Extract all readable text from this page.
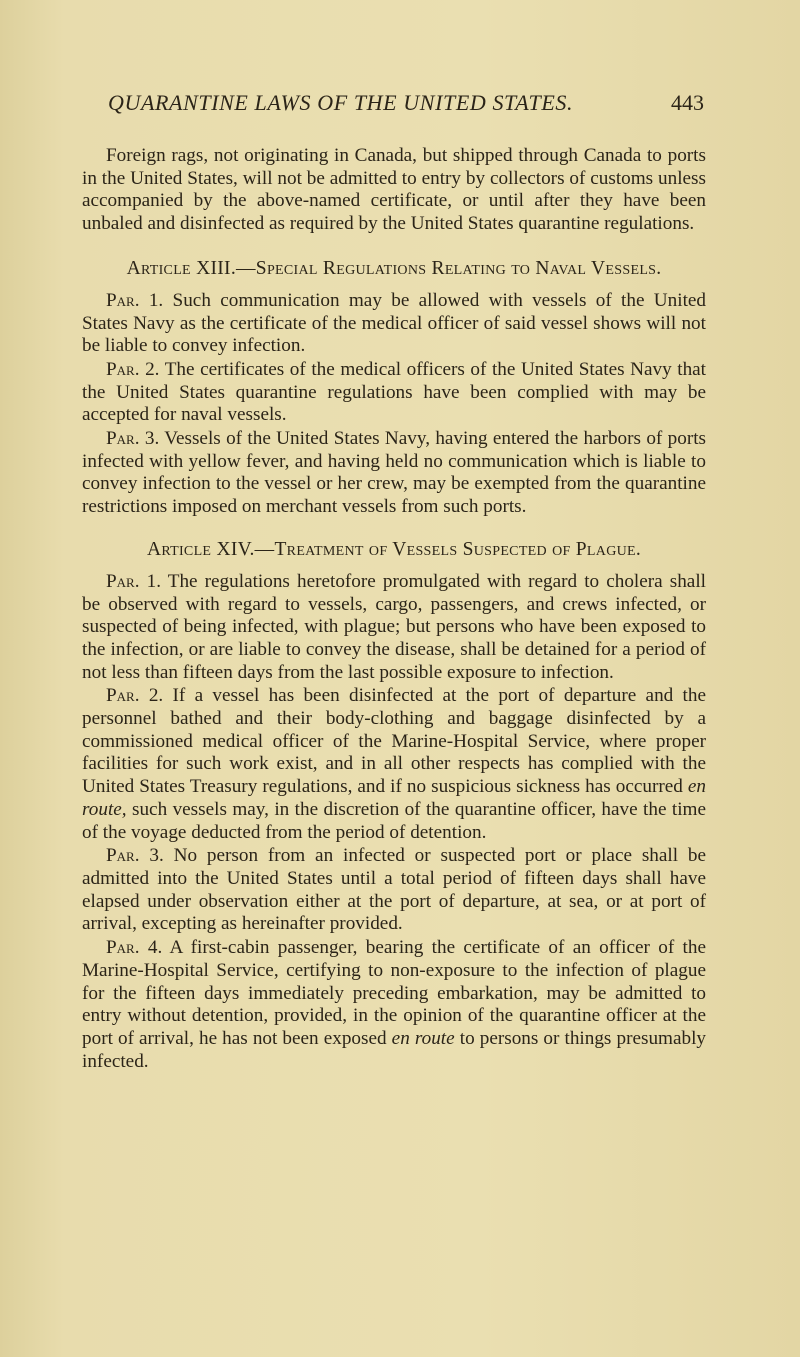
QUARANTINE LAWS OF THE UNITED STATES.	443

Foreign rags, not originating in Canada, but shipped through Canada to ports in the United States, will not be admitted to entry by collectors of customs unless accompanied by the above-named certificate, or until after they have been unbaled and disinfected as required by the United States quarantine regulations.

Article XIII.—Special Regulations Relating to Naval Vessels.

Par. 1. Such communication may be allowed with vessels of the United States Navy as the certificate of the medical officer of said vessel shows will not be liable to convey infection.

Par. 2. The certificates of the medical officers of the United States Navy that the United States quarantine regulations have been complied with may be accepted for naval vessels.

Par. 3. Vessels of the United States Navy, having entered the harbors of ports infected with yellow fever, and having held no communication which is liable to convey infection to the vessel or her crew, may be exempted from the quarantine restrictions imposed on merchant vessels from such ports.

Article XIV.—Treatment of Vessels Suspected of Plague.

Par. 1. The regulations heretofore promulgated with regard to cholera shall be observed with regard to vessels, cargo, passengers, and crews infected, or suspected of being infected, with plague; but persons who have been exposed to the infection, or are liable to convey the disease, shall be detained for a period of not less than fifteen days from the last possible exposure to infection.

Par. 2. If a vessel has been disinfected at the port of departure and the personnel bathed and their body-clothing and baggage disinfected by a commissioned medical officer of the Marine-Hospital Service, where proper facilities for such work exist, and in all other respects has complied with the United States Treasury regulations, and if no suspicious sickness has occurred en route, such vessels may, in the discretion of the quarantine officer, have the time of the voyage deducted from the period of detention.

Par. 3. No person from an infected or suspected port or place shall be admitted into the United States until a total period of fifteen days shall have elapsed under observation either at the port of departure, at sea, or at port of arrival, excepting as hereinafter provided.

Par. 4. A first-cabin passenger, bearing the certificate of an officer of the Marine-Hospital Service, certifying to non-exposure to the infection of plague for the fifteen days immediately preceding embarkation, may be admitted to entry without detention, provided, in the opinion of the quarantine officer at the port of arrival, he has not been exposed en route to persons or things presumably infected.
